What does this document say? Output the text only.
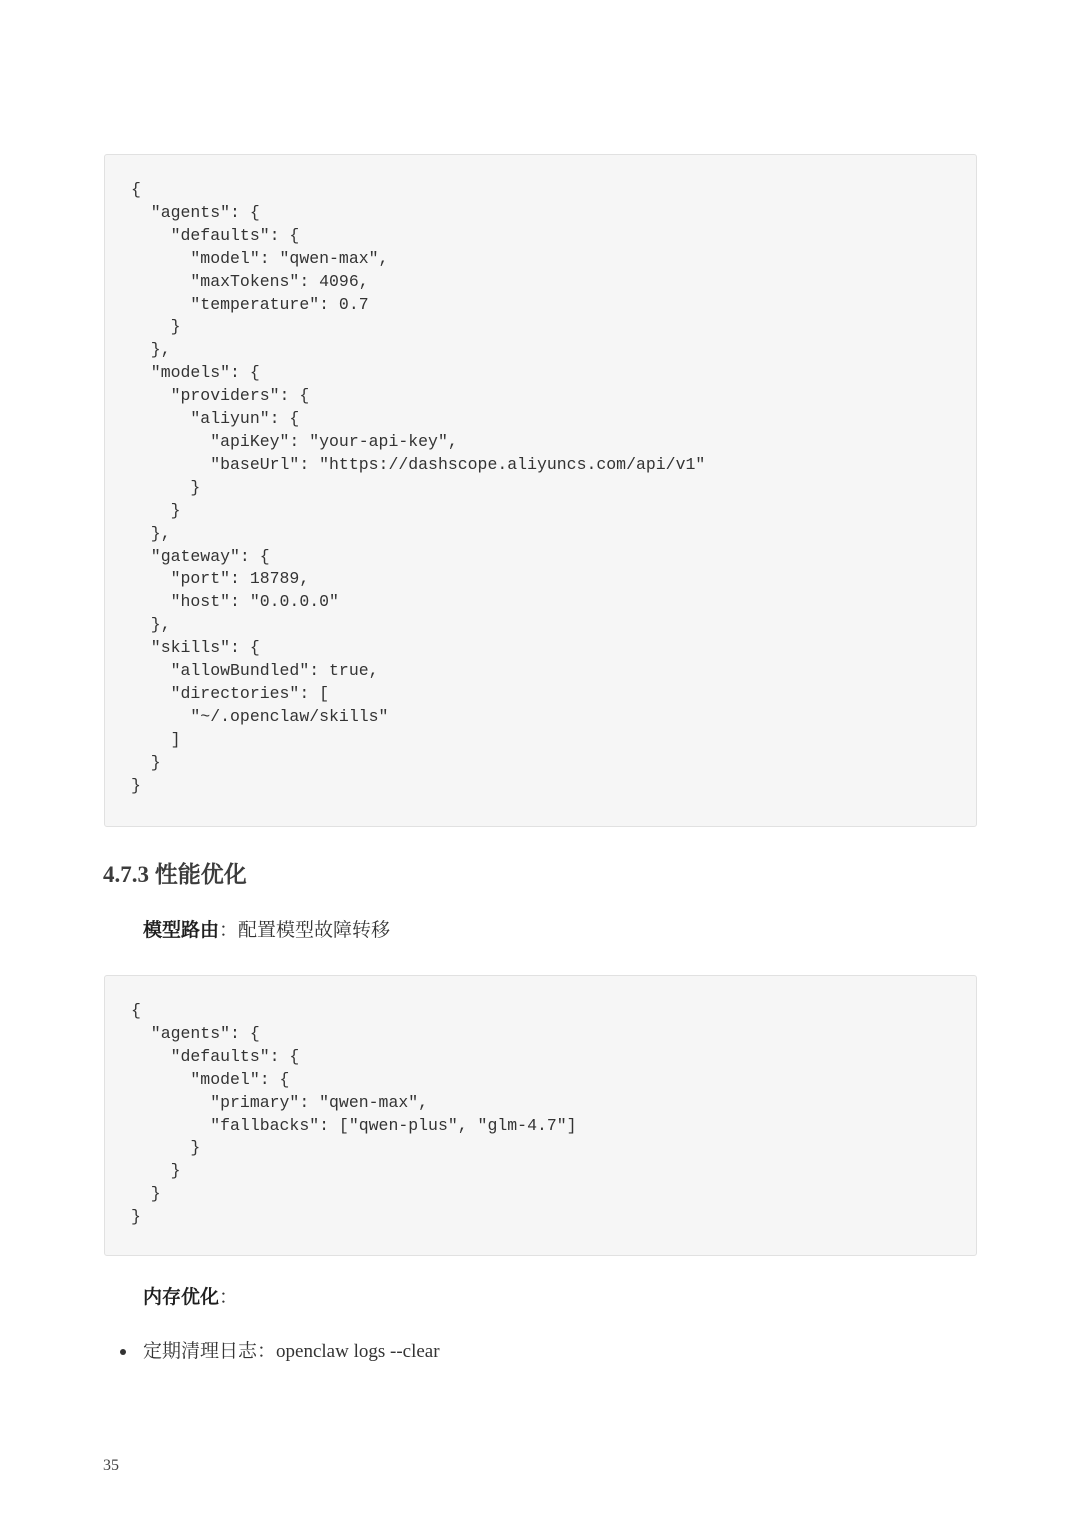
{
"agents": {
"defaults": {
"model": "qwen-max",
"maxTokens": 4096,
"temperature": 0.7
}
},
"models": {
"providers": {
"aliyun": {
"apiKey": "your-api-key",
"baseUrl": "https://dashscope.aliyuncs.com/api/v1"
}
}
},
"gateway": {
"port": 18789,
"host": "0.0.0.0"
},
"skills": {
"allowBundled": true,
"directories": [
"~/.openclaw/skills"
]
}
}
4.7.3 性能优化

模型路由：配置模型故障转移

{
"agents": {
"defaults": {
"model": {
"primary": "qwen-max",
"fallbacks": ["qwen-plus", "glm-4.7"]
}
}
}
}

内存优化：

定期清理日志：openclaw logs --clear
35
